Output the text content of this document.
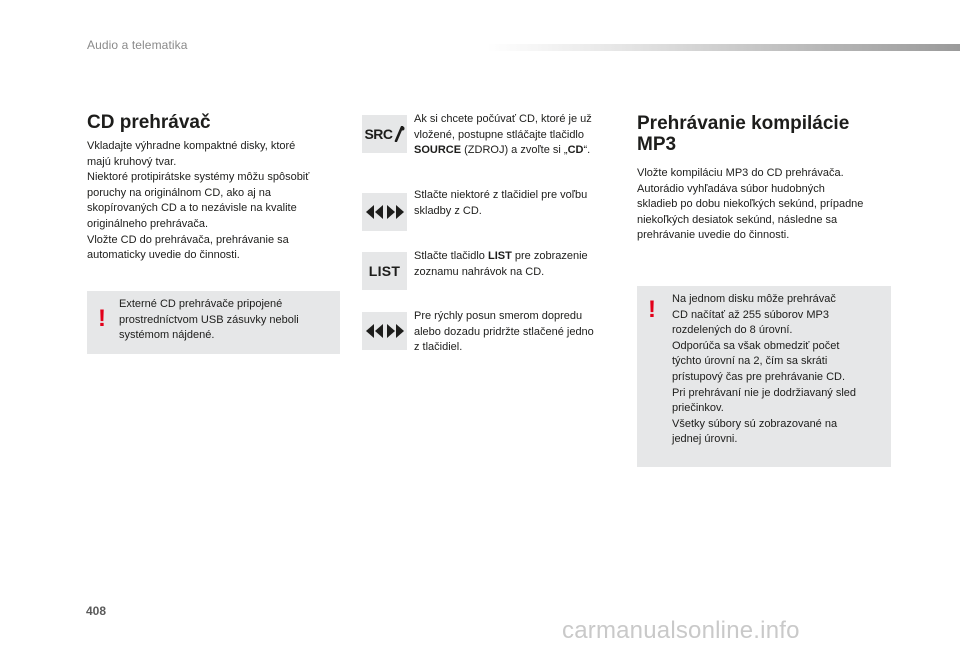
Audio a telematika
CD prehrávač
Vkladajte výhradne kompaktné disky, ktoré
majú kruhový tvar.
Niektoré protipirátske systémy môžu spôsobiť
poruchy na originálnom CD, ako aj na
skopírovaných CD a to nezávisle na kvalite
originálneho prehrávača.
Vložte CD do prehrávača, prehrávanie sa
automaticky uvedie do činnosti.
!
Externé CD prehrávače pripojené
prostredníctvom USB zásuvky neboli
systémom nájdené.
SRC
Ak si chcete počúvať CD, ktoré je už
vložené, postupne stláčajte tlačidlo
SOURCE (ZDROJ) a zvoľte si „CD“.
Stlačte niektoré z tlačidiel pre voľbu
skladby z CD.
LIST
Stlačte tlačidlo LIST pre zobrazenie
zoznamu nahrávok na CD.
Pre rýchly posun smerom dopredu
alebo dozadu pridržte stlačené jedno
z tlačidiel.
Prehrávanie kompilácie
MP3
Vložte kompiláciu MP3 do CD prehrávača.
Autorádio vyhľadáva súbor hudobných
skladieb po dobu niekoľkých sekúnd, prípadne
niekoľkých desiatok sekúnd, následne sa
prehrávanie uvedie do činnosti.
! Na jednom disku môže prehrávač
CD načítať až 255 súborov MP3
rozdelených do 8 úrovní.
Odporúča sa však obmedziť počet
týchto úrovní na 2, čím sa skráti
prístupový čas pre prehrávanie CD.
Pri prehrávaní nie je dodržiavaný sled
priečinkov.
Všetky súbory sú zobrazované na
jednej úrovni.
408
carmanualsonline.info
